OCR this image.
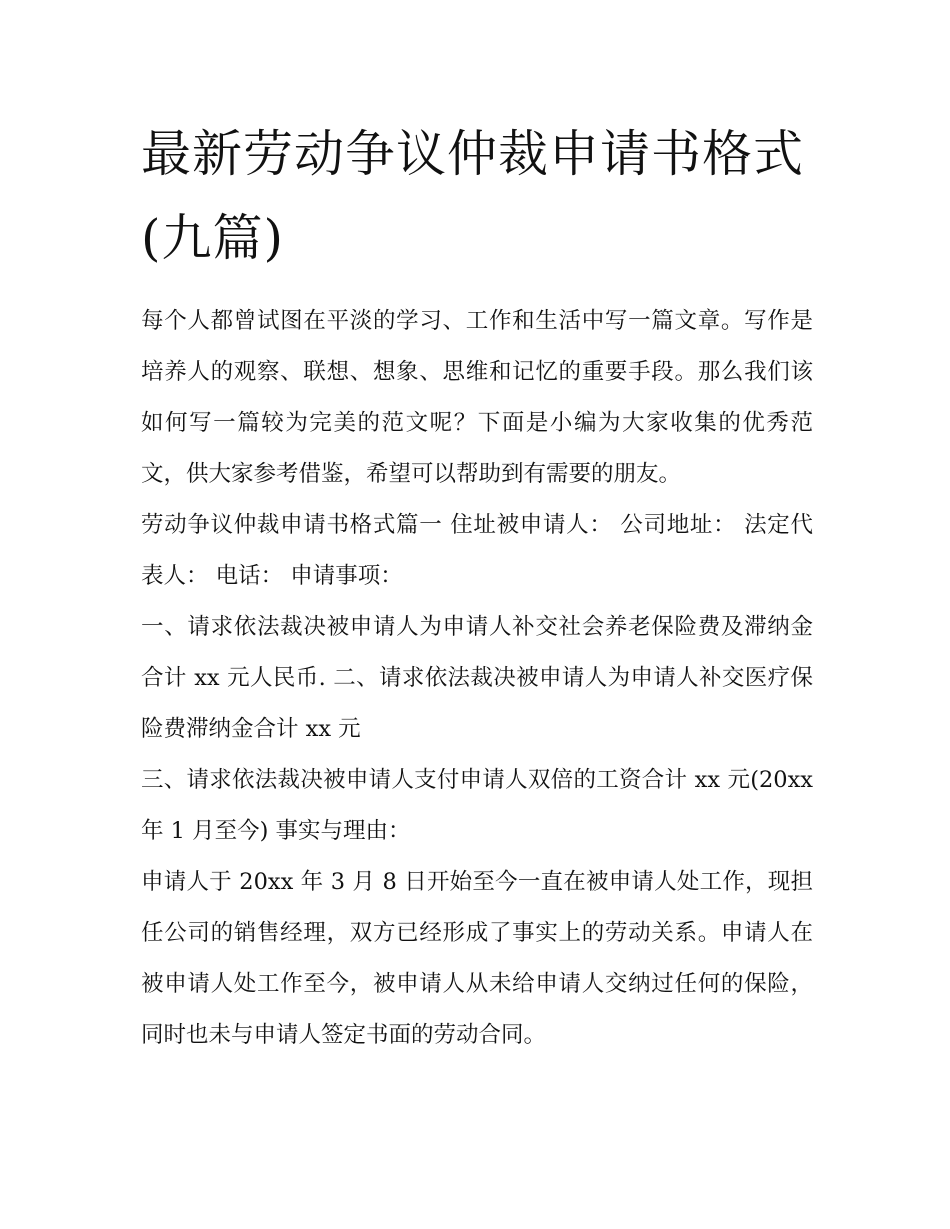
最新劳动争议仲裁申请书格式(九篇)

每个人都曾试图在平淡的学习、工作和生活中写一篇文章。写作是培养人的观察、联想、想象、思维和记忆的重要手段。那么我们该如何写一篇较为完美的范文呢？下面是小编为大家收集的优秀范文，供大家参考借鉴，希望可以帮助到有需要的朋友。

劳动争议仲裁申请书格式篇一 住址被申请人： 公司地址： 法定代表人： 电话： 申请事项：

一、请求依法裁决被申请人为申请人补交社会养老保险费及滞纳金合计 xx 元人民币. 二、请求依法裁决被申请人为申请人补交医疗保险费滞纳金合计 xx 元

三、请求依法裁决被申请人支付申请人双倍的工资合计 xx 元(20xx 年 1 月至今) 事实与理由：

申请人于 20xx 年 3 月 8 日开始至今一直在被申请人处工作，现担任公司的销售经理，双方已经形成了事实上的劳动关系。申请人在被申请人处工作至今，被申请人从未给申请人交纳过任何的保险，同时也未与申请人签定书面的劳动合同。
